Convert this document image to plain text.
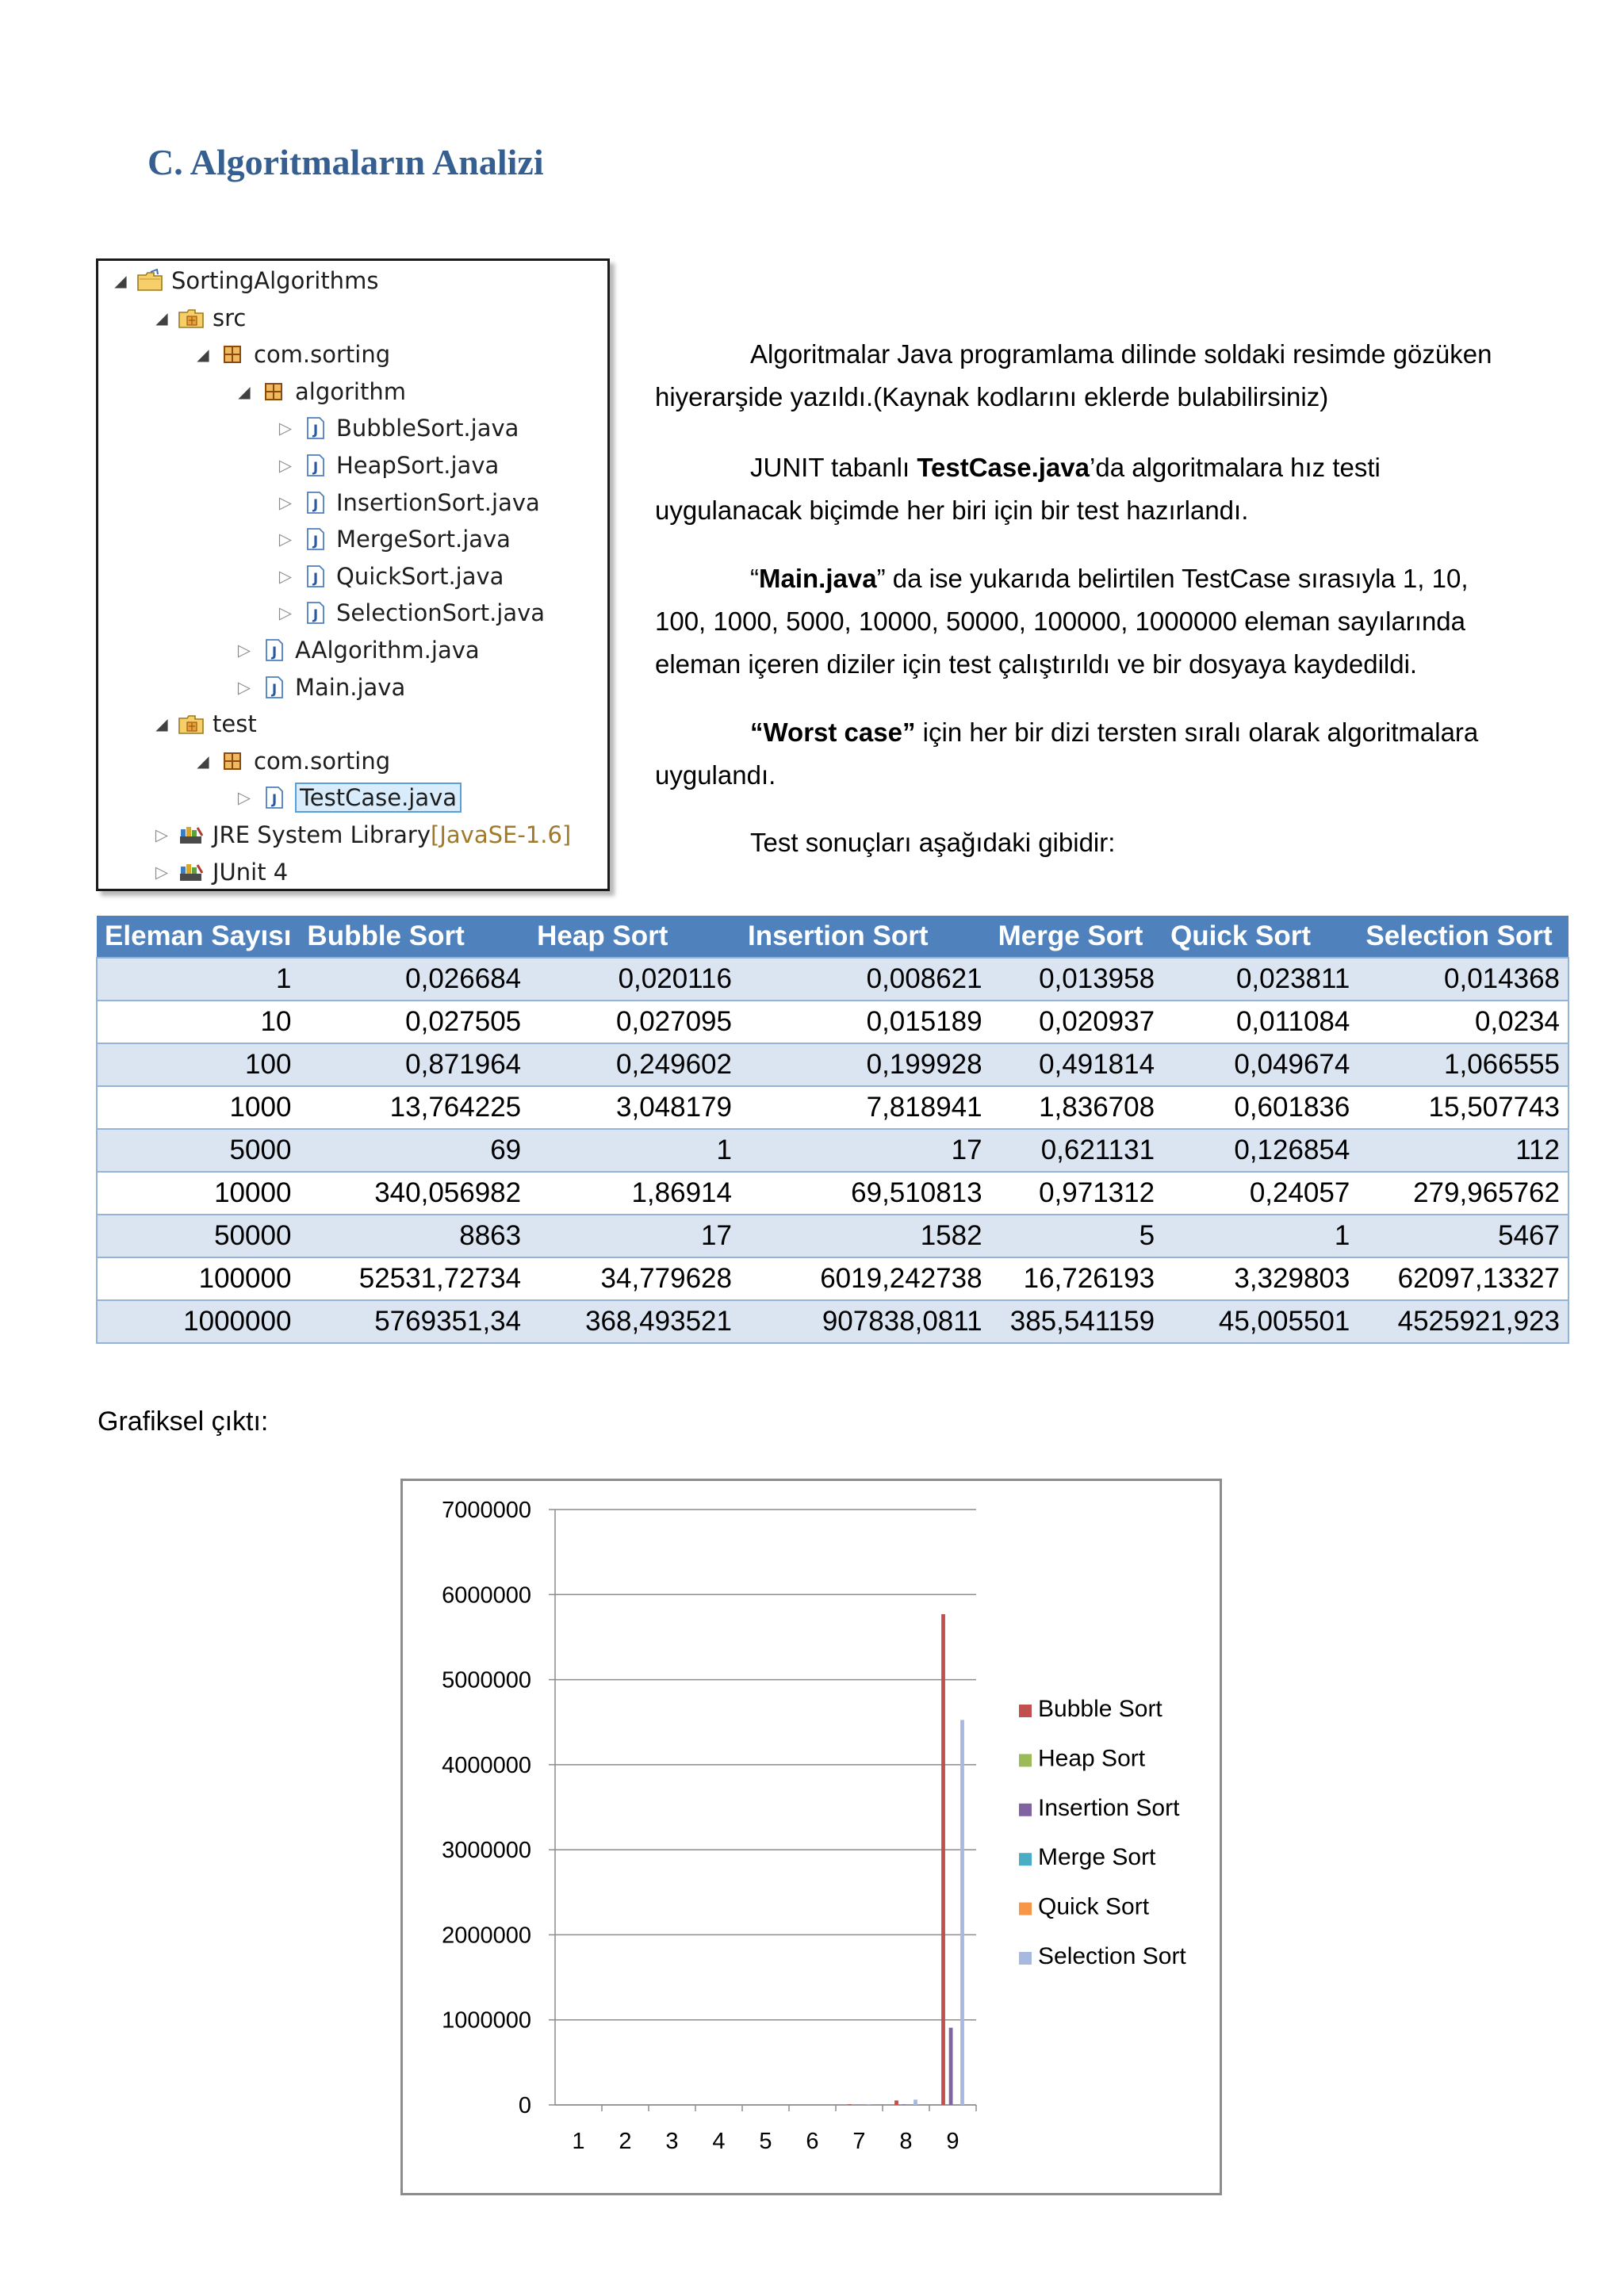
C. Algoritmaların Analizi
◢ SortingAlgorithms
◢ src
◢ com.sorting
◢ algorithm
▷	J BubbleSort.java
▷	J HeapSort.java
▷	J InsertionSort.java
▷	J MergeSort.java
▷	J QuickSort.java
▷	J SelectionSort.java
▷	J AAlgorithm.java
▷	J Main.java
◢ test
◢ com.sorting
▷	J TestCase.java
▷ JRE System Library [JavaSE-1.6]
▷ JUnit 4
Algoritmalar Java programlama dilinde soldaki resimde gözüken hiyerarşide yazıldı.(Kaynak kodlarını eklerde bulabilirsiniz)
JUNIT tabanlı TestCase.java’da algoritmalara hız testi uygulanacak biçimde her biri için bir test hazırlandı.
“Main.java” da ise yukarıda belirtilen TestCase sırasıyla 1, 10, 100, 1000, 5000, 10000, 50000, 100000, 1000000 eleman sayılarında eleman içeren diziler için test çalıştırıldı ve bir dosyaya kaydedildi.
“Worst case” için her bir dizi tersten sıralı olarak algoritmalara uygulandı.
Test sonuçları aşağıdaki gibidir:
Eleman Sayısı	Bubble Sort	Heap Sort	Insertion Sort	Merge Sort	Quick Sort	Selection Sort
1	0,026684	0,020116	0,008621	0,013958	0,023811	0,014368
10	0,027505	0,027095	0,015189	0,020937	0,011084	0,0234
100	0,871964	0,249602	0,199928	0,491814	0,049674	1,066555
1000	13,764225	3,048179	7,818941	1,836708	0,601836	15,507743
5000	69	1	17	0,621131	0,126854	112
10000	340,056982	1,86914	69,510813	0,971312	0,24057	279,965762
50000	8863	17	1582	5	1	5467
100000	52531,72734	34,779628	6019,242738	16,726193	3,329803	62097,13327
1000000	5769351,34	368,493521	907838,0811	385,541159	45,005501	4525921,923

Grafiksel çıktı:

0
1000000
2000000
3000000
4000000
5000000
6000000
7000000
1 2 3 4 5 6 7 8 9
Bubble Sort
Heap Sort
Insertion Sort
Merge Sort
Quick Sort
Selection Sort
